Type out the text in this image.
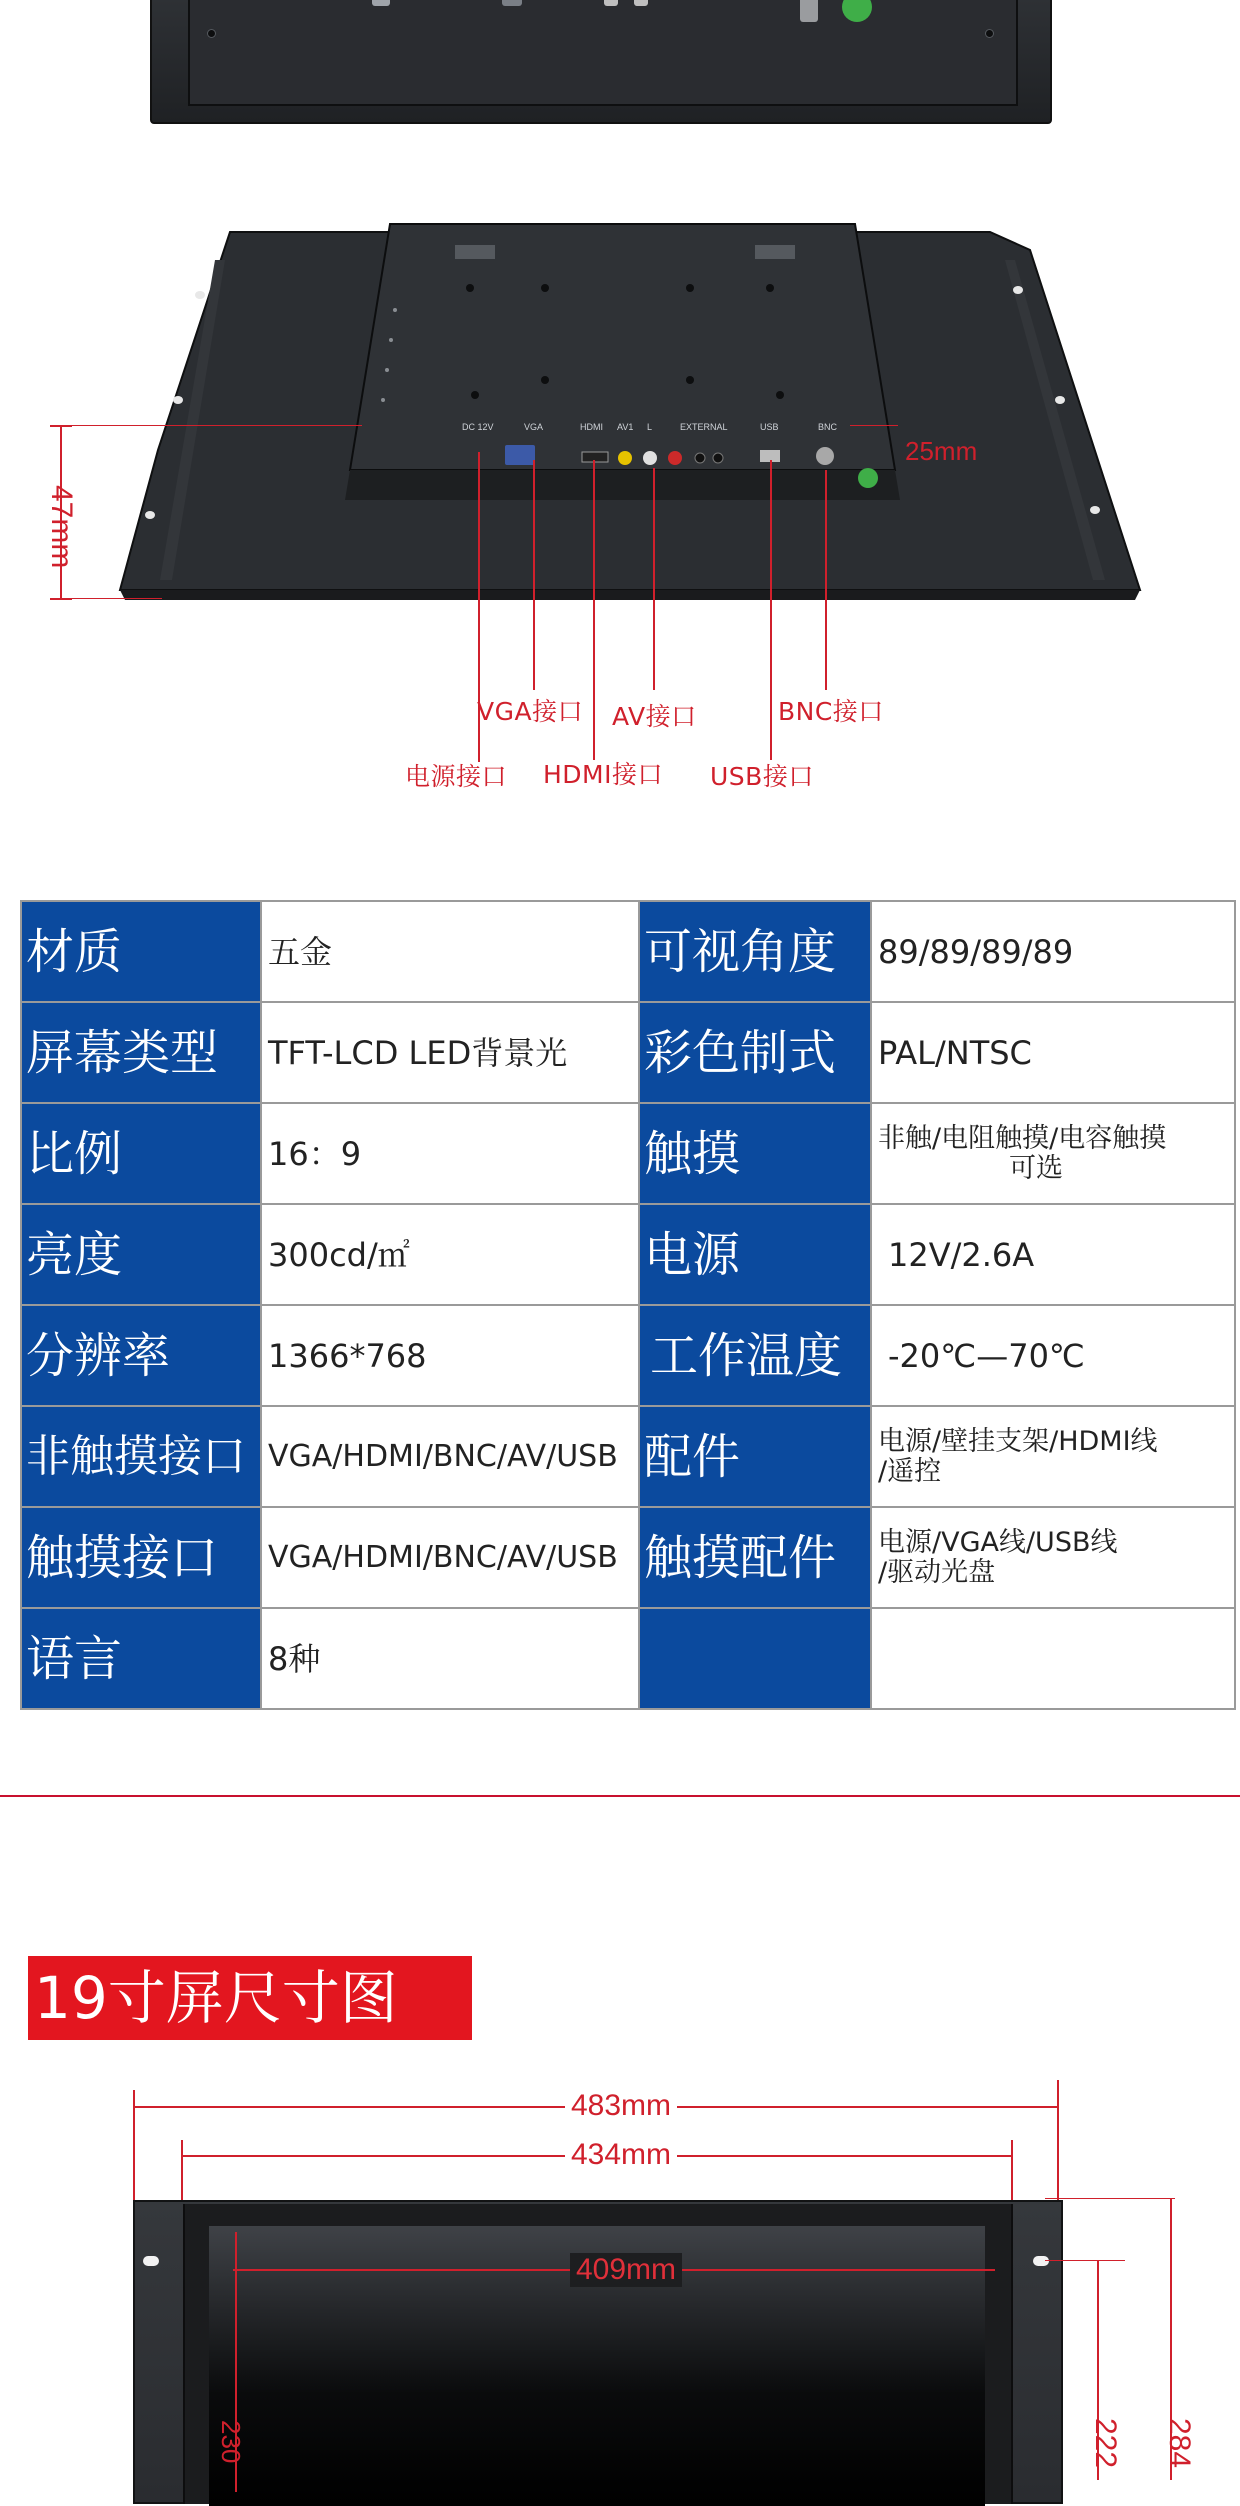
DC 12V	VGA	HDMI AV1 L	EXTERNAL	USB	BNC
47mm
25mm
VGA接口 AV接口	BNC接口
电源接口 HDMI接口 USB接口
材质	五金	可视角度	89/89/89/89
屏幕类型	TFT-LCD LED背景光	彩色制式	PAL/NTSC
比例	16：9	触摸	非触/电阻触摸/电容触摸
可选

亮度	300cd/㎡	电源	12V/2.6A
分辨率	1366*768	工作温度	-20℃—70℃
非触摸接口	VGA/HDMI/BNC/AV/USB	配件	电源/壁挂支架/HDMI线
/遥控

触摸接口	VGA/HDMI/BNC/AV/USB	触摸配件	电源/VGA线/USB线
/驱动光盘

语言	8种		
19寸屏尺寸图
483mm
434mm
409mm
230	284
222
